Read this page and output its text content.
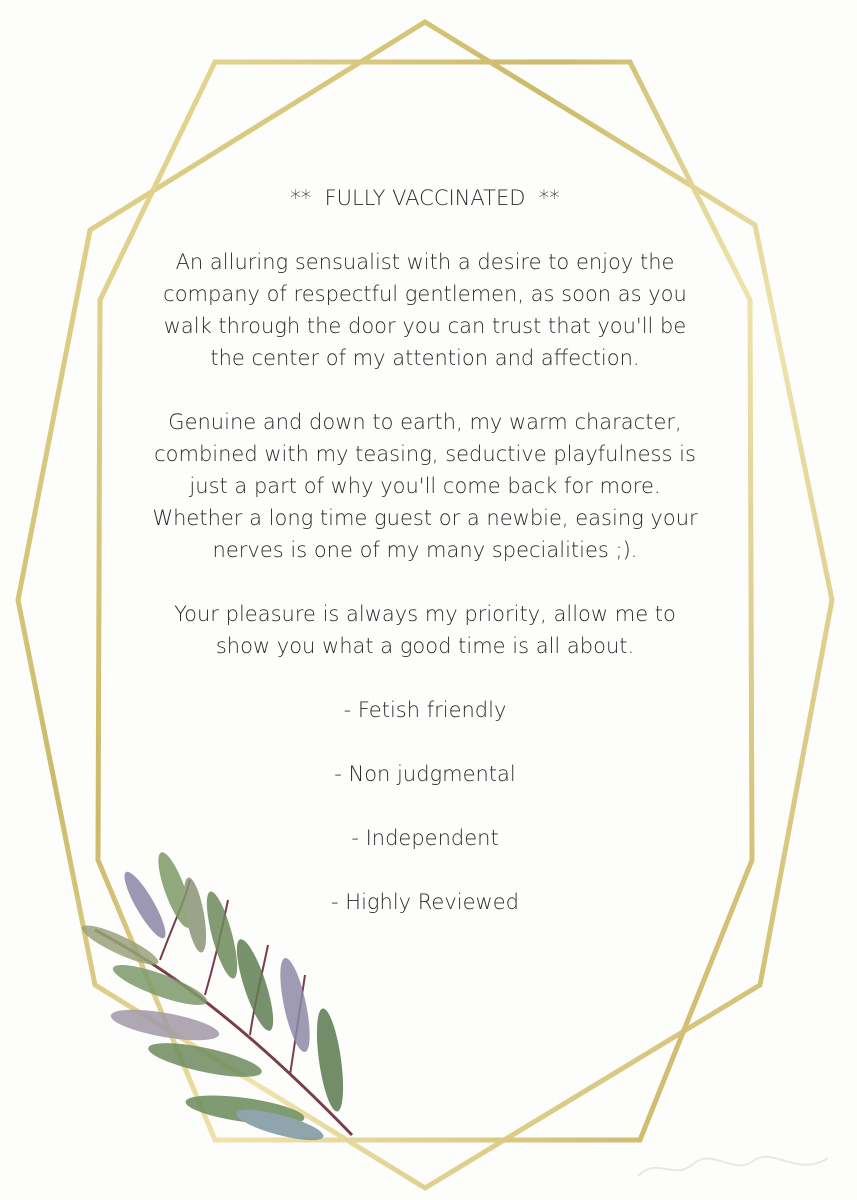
**  FULLY VACCINATED  **

An alluring sensualist with a desire to enjoy the company of respectful gentlemen, as soon as you walk through the door you can trust that you'll be the center of my attention and affection.

Genuine and down to earth, my warm character, combined with my teasing, seductive playfulness is just a part of why you'll come back for more. Whether a long time guest or a newbie, easing your nerves is one of my many specialities ;).

Your pleasure is always my priority, allow me to show you what a good time is all about.

- Fetish friendly

- Non judgmental

- Independent

- Highly Reviewed
